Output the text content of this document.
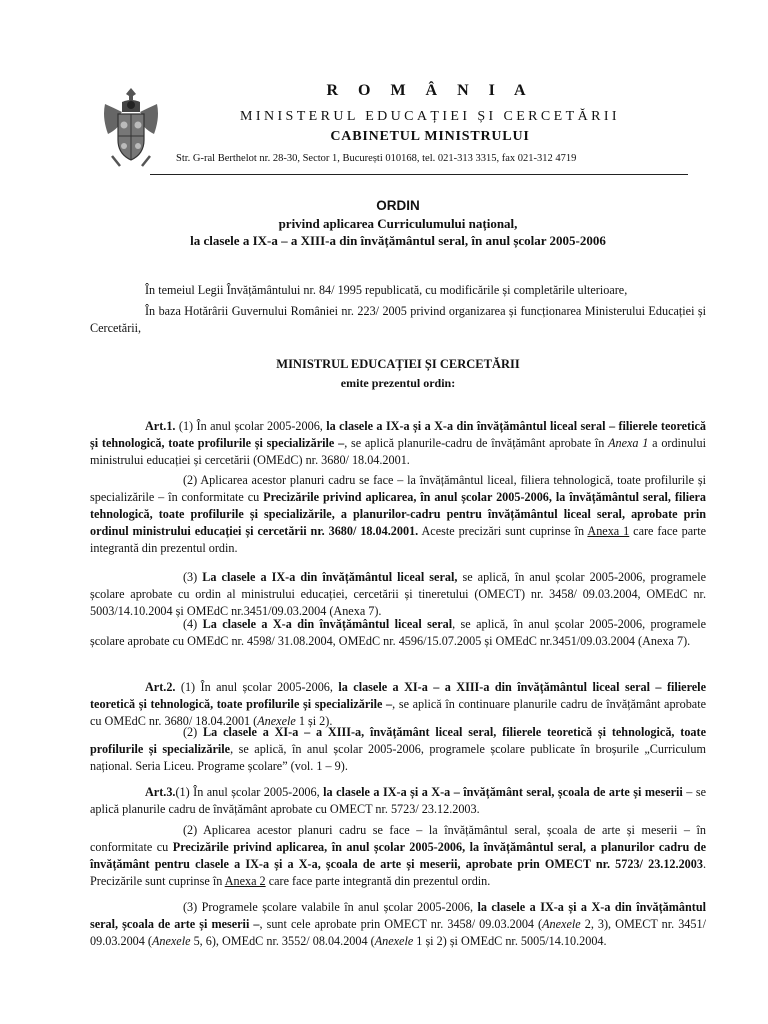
R O M Â N I A
MINISTERUL EDUCAȚIEI ȘI CERCETĂRII
CABINETUL MINISTRULUI
Str. G-ral Berthelot nr. 28-30, Sector 1, București 010168, tel. 021-313 3315, fax 021-312 4719
ORDIN
privind aplicarea Curriculumului național,
la clasele a IX-a – a XIII-a din învățământul seral, în anul școlar 2005-2006

În temeiul Legii Învățământului nr. 84/ 1995 republicată, cu modificările și completările ulterioare,

În baza Hotărârii Guvernului României nr. 223/ 2005 privind organizarea și funcționarea Ministerului Educației și Cercetării,

MINISTRUL EDUCAȚIEI ȘI CERCETĂRII
emite prezentul ordin:

Art.1. (1) În anul școlar 2005-2006, la clasele a IX-a și a X-a din învățământul liceal seral – filierele teoretică și tehnologică, toate profilurile și specializările –, se aplică planurile-cadru de învățământ aprobate în Anexa 1 a ordinului ministrului educației și cercetării (OMEdC) nr. 3680/ 18.04.2001.

(2) Aplicarea acestor planuri cadru se face – la învățământul liceal, filiera tehnologică, toate profilurile și specializările – în conformitate cu Precizările privind aplicarea, în anul școlar 2005-2006, la învățământul seral, filiera tehnologică, toate profilurile și specializările, a planurilor-cadru pentru învățământul liceal seral, aprobate prin ordinul ministrului educației și cercetării nr. 3680/ 18.04.2001. Aceste precizări sunt cuprinse în Anexa 1 care face parte integrantă din prezentul ordin.

(3) La clasele a IX-a din învățământul liceal seral, se aplică, în anul școlar 2005-2006, programele școlare aprobate cu ordin al ministrului educației, cercetării și tineretului (OMECT) nr. 3458/ 09.03.2004, OMEdC nr. 5003/14.10.2004 și OMEdC nr.3451/09.03.2004 (Anexa 7).

(4) La clasele a X-a din învățământul liceal seral, se aplică, în anul școlar 2005-2006, programele școlare aprobate cu OMEdC nr. 4598/ 31.08.2004, OMEdC nr. 4596/15.07.2005 și OMEdC nr.3451/09.03.2004 (Anexa 7).

Art.2. (1) În anul școlar 2005-2006, la clasele a XI-a – a XIII-a din învățământul liceal seral – filierele teoretică și tehnologică, toate profilurile și specializările –, se aplică în continuare planurile cadru de învățământ aprobate cu OMEdC nr. 3680/ 18.04.2001 (Anexele 1 și 2).

(2) La clasele a XI-a – a XIII-a, învățământ liceal seral, filierele teoretică și tehnologică, toate profilurile și specializările, se aplică, în anul școlar 2005-2006, programele școlare publicate în broșurile „Curriculum național. Seria Liceu. Programe școlare” (vol. 1 – 9).

Art.3.(1) În anul școlar 2005-2006, la clasele a IX-a și a X-a – învățământ seral, școala de arte și meserii – se aplică planurile cadru de învățământ aprobate cu OMECT nr. 5723/ 23.12.2003.

(2) Aplicarea acestor planuri cadru se face – la învățământul seral, școala de arte și meserii – în conformitate cu Precizările privind aplicarea, în anul școlar 2005-2006, la învățământul seral, a planurilor cadru de învățământ pentru clasele a IX-a și a X-a, școala de arte și meserii, aprobate prin OMECT nr. 5723/ 23.12.2003. Precizările sunt cuprinse în Anexa 2 care face parte integrantă din prezentul ordin.

(3) Programele școlare valabile în anul școlar 2005-2006, la clasele a IX-a și a X-a din învățământul seral, școala de arte și meserii –, sunt cele aprobate prin OMECT nr. 3458/ 09.03.2004 (Anexele 2, 3), OMECT nr. 3451/ 09.03.2004 (Anexele 5, 6), OMEdC nr. 3552/ 08.04.2004 (Anexele 1 și 2) și OMEdC nr. 5005/14.10.2004.
